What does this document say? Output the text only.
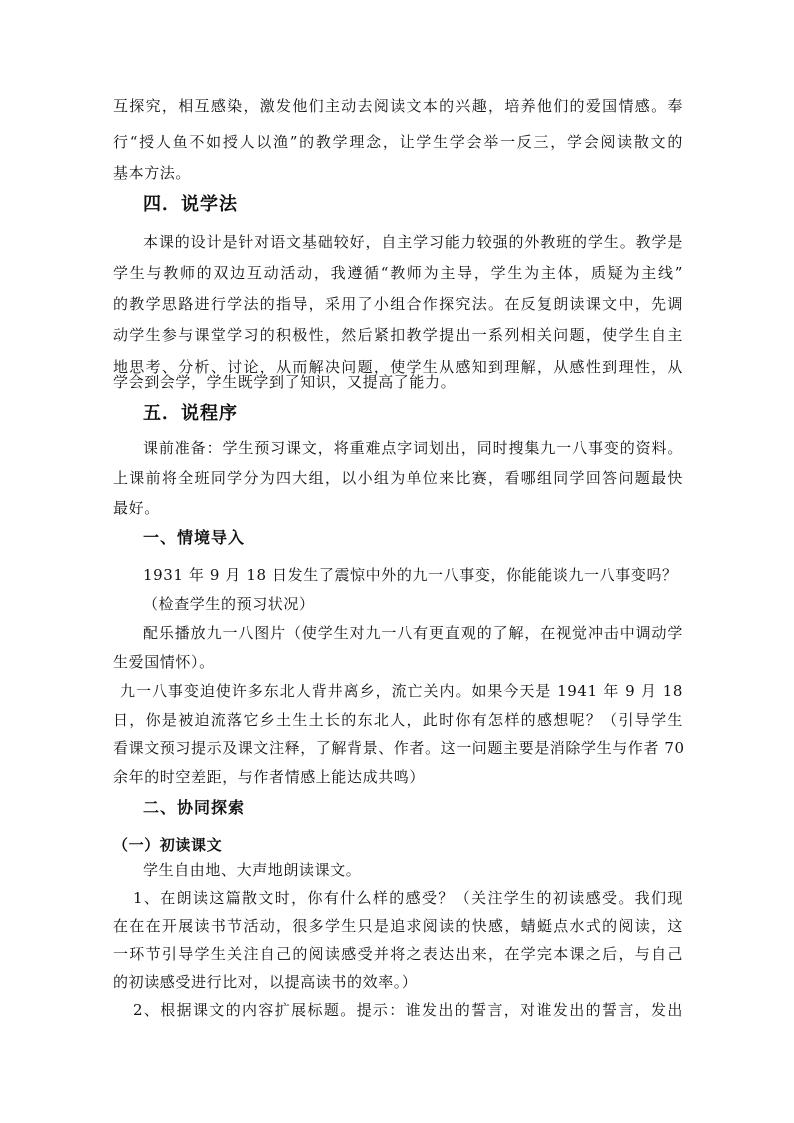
互探究，相互感染，激发他们主动去阅读文本的兴趣，培养他们的爱国情感。奉
行“授人鱼不如授人以渔”的教学理念，让学生学会举一反三，学会阅读散文的
基本方法。
四．说学法
本课的设计是针对语文基础较好，自主学习能力较强的外教班的学生。教学是
学生与教师的双边互动活动，我遵循“教师为主导，学生为主体，质疑为主线”
的教学思路进行学法的指导，采用了小组合作探究法。在反复朗读课文中，先调
动学生参与课堂学习的积极性，然后紧扣教学提出一系列相关问题，使学生自主
地思考、分析、讨论，从而解决问题，使学生从感知到理解，从感性到理性，从
学会到会学，学生既学到了知识，又提高了能力。
五．说程序
课前准备：学生预习课文，将重难点字词划出，同时搜集九一八事变的资料。
上课前将全班同学分为四大组，以小组为单位来比赛，看哪组同学回答问题最快
最好。
一、情境导入
1931 年 9 月 18 日发生了震惊中外的九一八事变，你能能谈九一八事变吗？
（检查学生的预习状况）
配乐播放九一八图片（使学生对九一八有更直观的了解，在视觉冲击中调动学
生爱国情怀）。
九一八事变迫使许多东北人背井离乡，流亡关内。如果今天是 1941 年 9 月 18
日，你是被迫流落它乡土生土长的东北人，此时你有怎样的感想呢？（引导学生
看课文预习提示及课文注释，了解背景、作者。这一问题主要是消除学生与作者 70
余年的时空差距，与作者情感上能达成共鸣）
二、协同探索
（一）初读课文
学生自由地、大声地朗读课文。
1、在朗读这篇散文时，你有什么样的感受？（关注学生的初读感受。我们现
在在在开展读书节活动，很多学生只是追求阅读的快感，蜻蜓点水式的阅读，这
一环节引导学生关注自己的阅读感受并将之表达出来，在学完本课之后，与自己
的初读感受进行比对，以提高读书的效率。）
2、根据课文的内容扩展标题。提示：谁发出的誓言，对谁发出的誓言，发出
